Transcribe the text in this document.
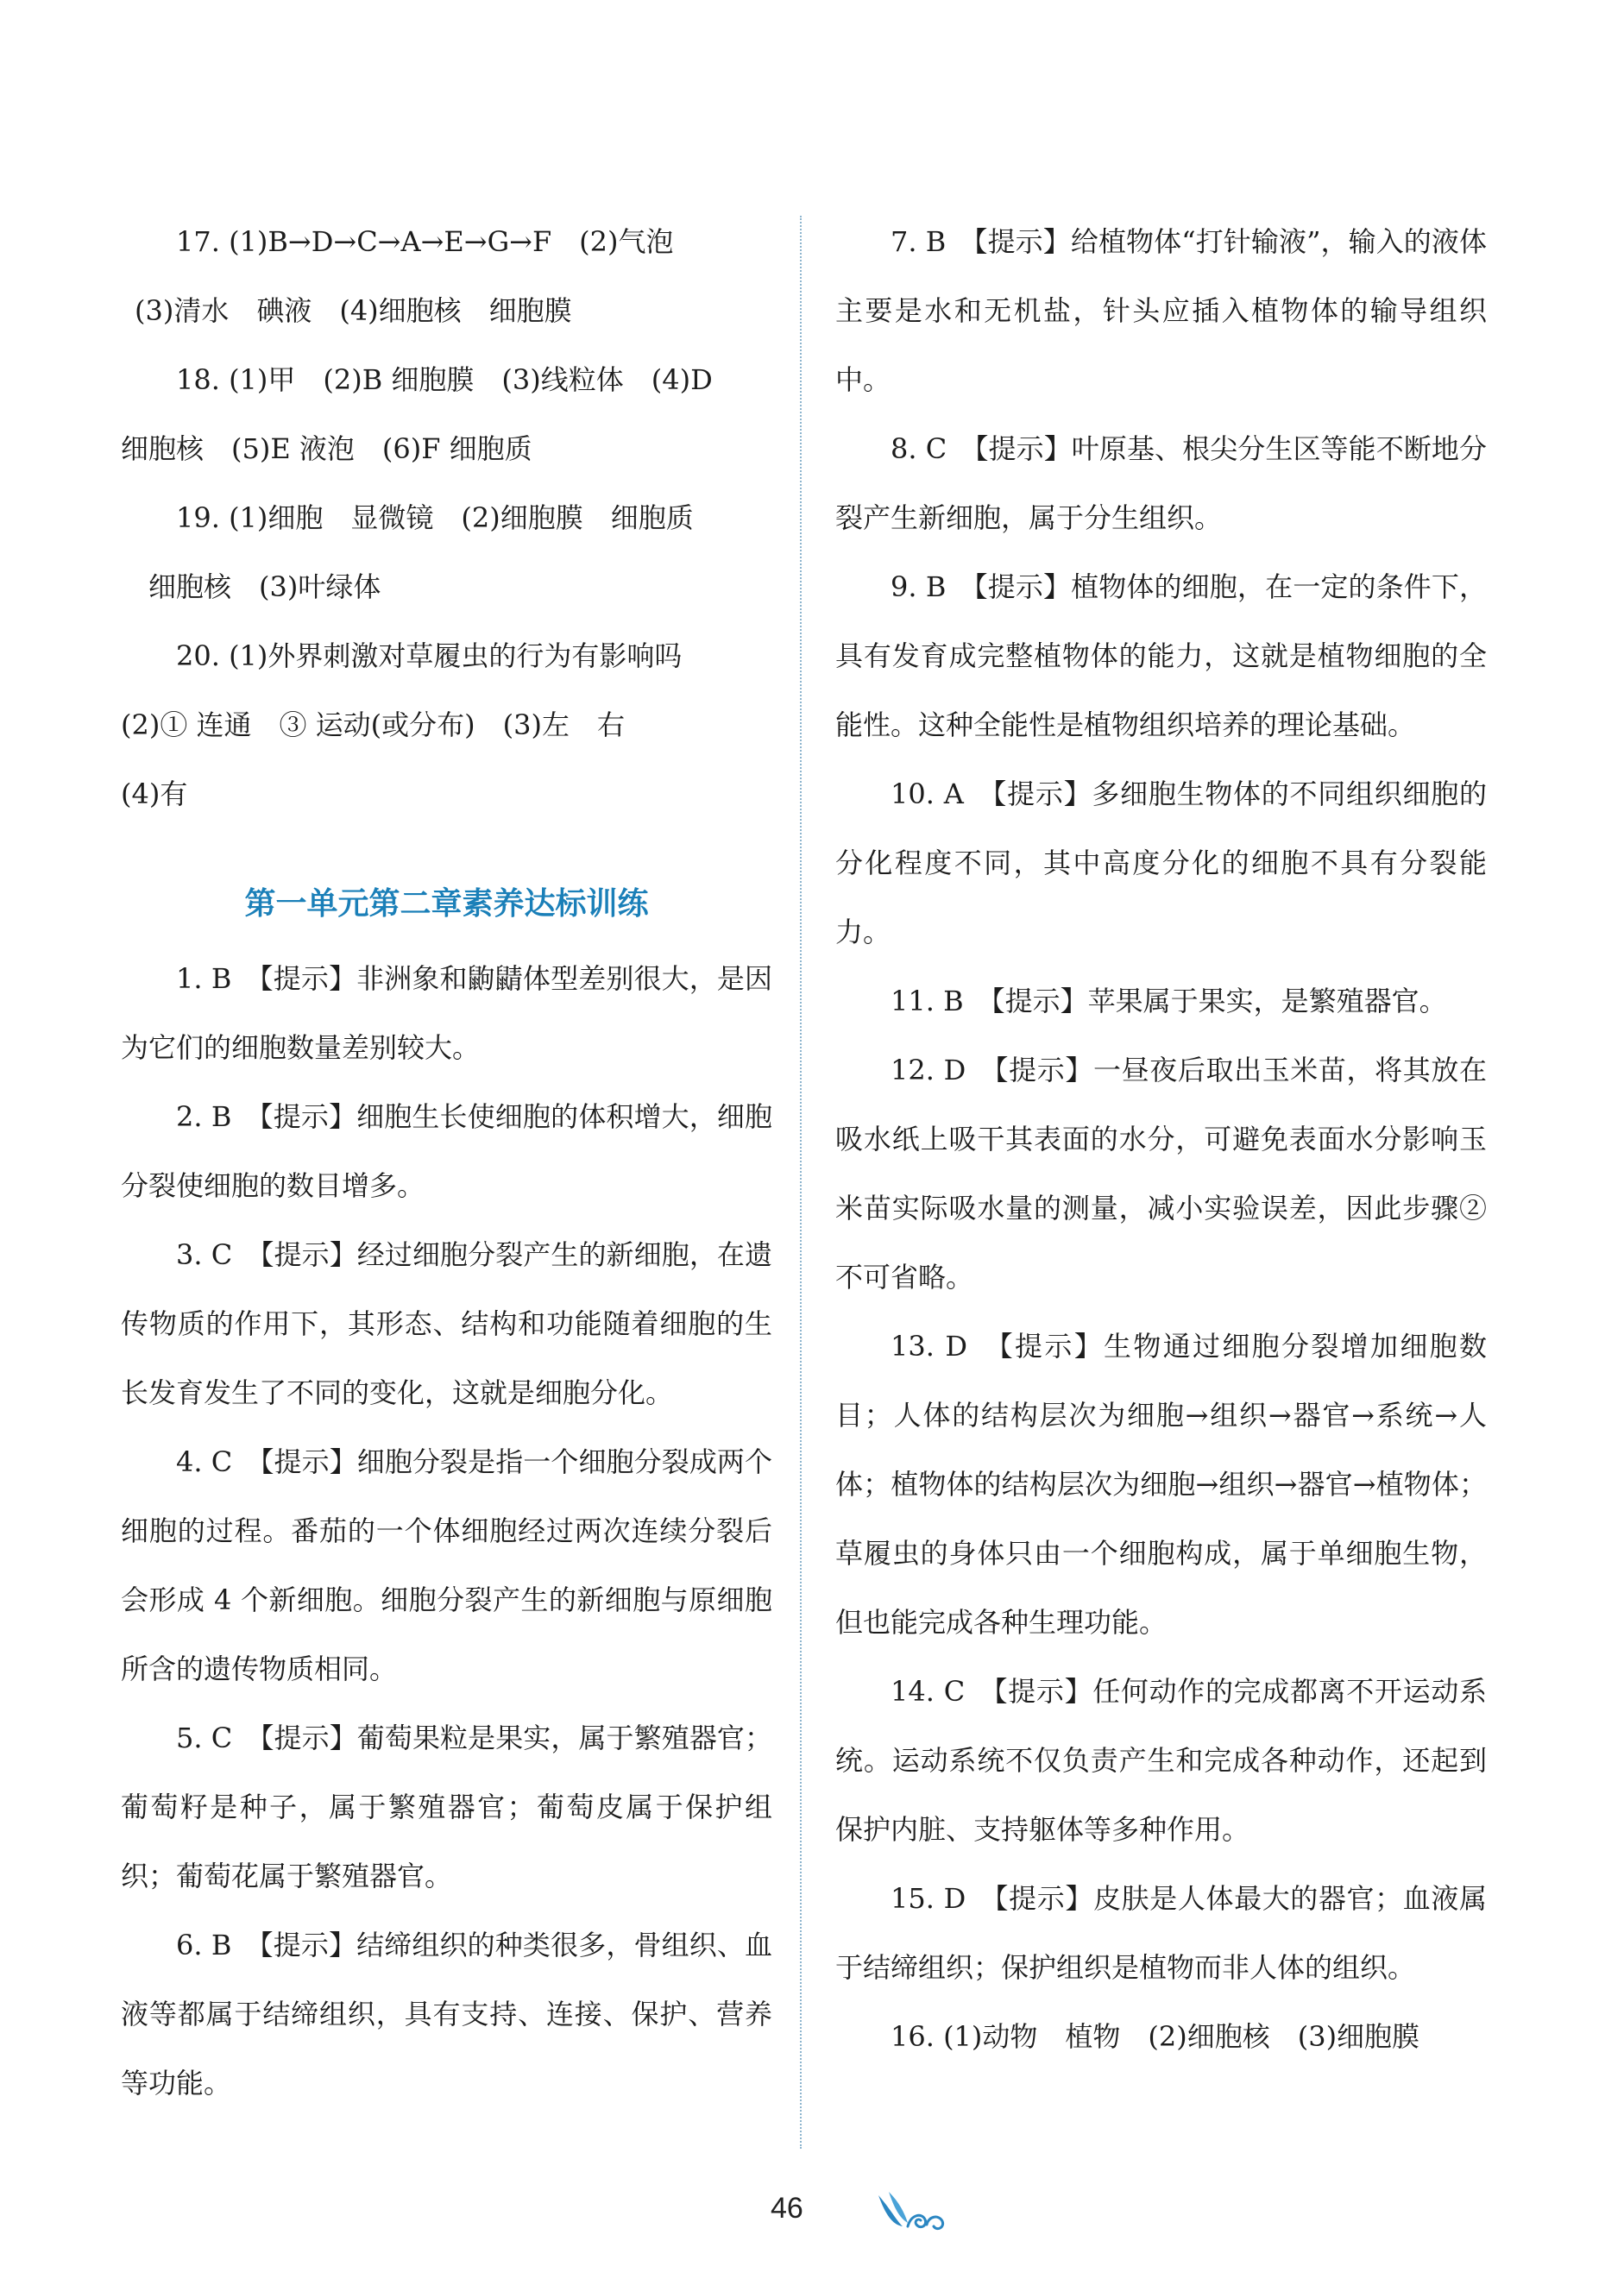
17. (1)B→D→C→A→E→G→F　(2)气泡

(3)清水　碘液　(4)细胞核　细胞膜

18. (1)甲　(2)B 细胞膜　(3)线粒体　(4)D

细胞核　(5)E 液泡　(6)F 细胞质

19. (1)细胞　显微镜　(2)细胞膜　细胞质

细胞核　(3)叶绿体

20. (1)外界刺激对草履虫的行为有影响吗

(2)① 连通　③ 运动(或分布)　(3)左　右

(4)有

第一单元第二章素养达标训练

1. B　【提示】非洲象和鼩鼱体型差别很大，是因为它们的细胞数量差别较大。

2. B　【提示】细胞生长使细胞的体积增大，细胞分裂使细胞的数目增多。

3. C　【提示】经过细胞分裂产生的新细胞，在遗传物质的作用下，其形态、结构和功能随着细胞的生长发育发生了不同的变化，这就是细胞分化。

4. C　【提示】细胞分裂是指一个细胞分裂成两个细胞的过程。番茄的一个体细胞经过两次连续分裂后会形成 4 个新细胞。细胞分裂产生的新细胞与原细胞所含的遗传物质相同。

5. C　【提示】葡萄果粒是果实，属于繁殖器官；葡萄籽是种子，属于繁殖器官；葡萄皮属于保护组织；葡萄花属于繁殖器官。

6. B　【提示】结缔组织的种类很多，骨组织、血液等都属于结缔组织，具有支持、连接、保护、营养等功能。

7. B　【提示】给植物体“打针输液”，输入的液体主要是水和无机盐，针头应插入植物体的输导组织中。

8. C　【提示】叶原基、根尖分生区等能不断地分裂产生新细胞，属于分生组织。

9. B　【提示】植物体的细胞，在一定的条件下，具有发育成完整植物体的能力，这就是植物细胞的全能性。这种全能性是植物组织培养的理论基础。

10. A　【提示】多细胞生物体的不同组织细胞的分化程度不同，其中高度分化的细胞不具有分裂能力。

11. B　【提示】苹果属于果实，是繁殖器官。

12. D　【提示】一昼夜后取出玉米苗，将其放在吸水纸上吸干其表面的水分，可避免表面水分影响玉米苗实际吸水量的测量，减小实验误差，因此步骤②不可省略。

13. D　【提示】生物通过细胞分裂增加细胞数目；人体的结构层次为细胞→组织→器官→系统→人体；植物体的结构层次为细胞→组织→器官→植物体；草履虫的身体只由一个细胞构成，属于单细胞生物，但也能完成各种生理功能。

14. C　【提示】任何动作的完成都离不开运动系统。运动系统不仅负责产生和完成各种动作，还起到保护内脏、支持躯体等多种作用。

15. D　【提示】皮肤是人体最大的器官；血液属于结缔组织；保护组织是植物而非人体的组织。

16. (1)动物　植物　(2)细胞核　(3)细胞膜

46
